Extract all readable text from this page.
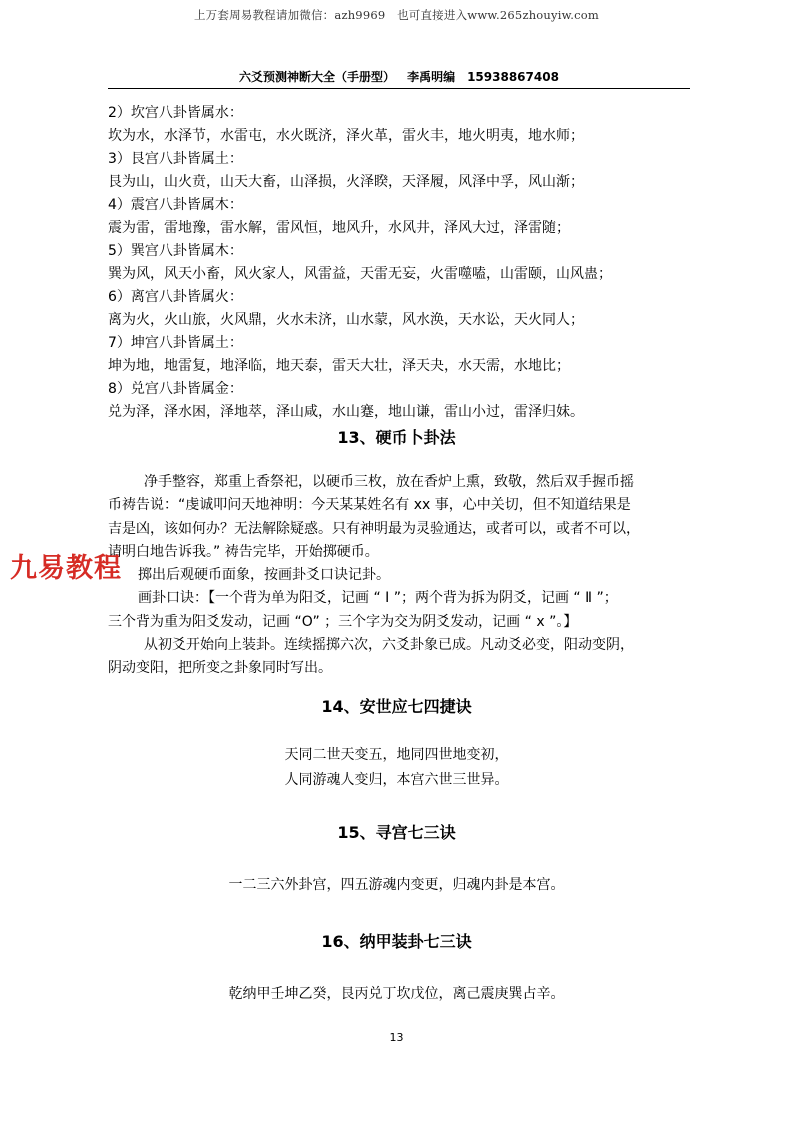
上万套周易教程请加微信：azh9969　也可直接进入www.265zhouyiw.com
六爻预测神断大全（手册型） 李禹明编 15938867408
2）坎宫八卦皆属水：
坎为水，水泽节，水雷屯，水火既济，泽火革，雷火丰，地火明夷，地水师；
3）艮宫八卦皆属土：
艮为山，山火贲，山天大畜，山泽损，火泽睽，天泽履，风泽中孚，风山渐；
4）震宫八卦皆属木：
震为雷，雷地豫，雷水解，雷风恒，地风升，水风井，泽风大过，泽雷随；
5）巽宫八卦皆属木：
巽为风，风天小畜，风火家人，风雷益，天雷无妄，火雷噬嗑，山雷颐，山风蛊；
6）离宫八卦皆属火：
离为火，火山旅，火风鼎，火水未济，山水蒙，风水涣，天水讼，天火同人；
7）坤宫八卦皆属土：
坤为地，地雷复，地泽临，地天泰，雷天大壮，泽天夬，水天需，水地比；
8）兑宫八卦皆属金：
兑为泽，泽水困，泽地萃，泽山咸，水山蹇，地山谦，雷山小过，雷泽归妹。
13、硬币卜卦法
净手整容，郑重上香祭祀，以硬币三枚，放在香炉上熏，致敬，然后双手握币摇
币祷告说：“虔诚叩问天地神明：今天某某姓名有 xx 事，心中关切，但不知道结果是
吉是凶，该如何办？无法解除疑惑。只有神明最为灵验通达，或者可以，或者不可以，
请明白地告诉我。” 祷告完毕，开始掷硬币。
掷出后观硬币面象，按画卦爻口诀记卦。
画卦口诀：【一个背为单为阳爻，记画 “ Ⅰ ”；两个背为拆为阴爻，记画 “ Ⅱ ”；
三个背为重为阳爻发动，记画 “O” ；三个字为交为阴爻发动，记画 “ x ”。】
从初爻开始向上装卦。连续摇掷六次，六爻卦象已成。凡动爻必变，阳动变阴，
阴动变阳，把所变之卦象同时写出。
14、安世应七四捷诀
天同二世天变五，地同四世地变初，
人同游魂人变归，本宫六世三世异。
15、寻宫七三诀
一二三六外卦宫，四五游魂内变更，归魂内卦是本宫。
16、纳甲装卦七三诀
乾纳甲壬坤乙癸，艮丙兑丁坎戊位，离己震庚巽占辛。
13
九易教程
